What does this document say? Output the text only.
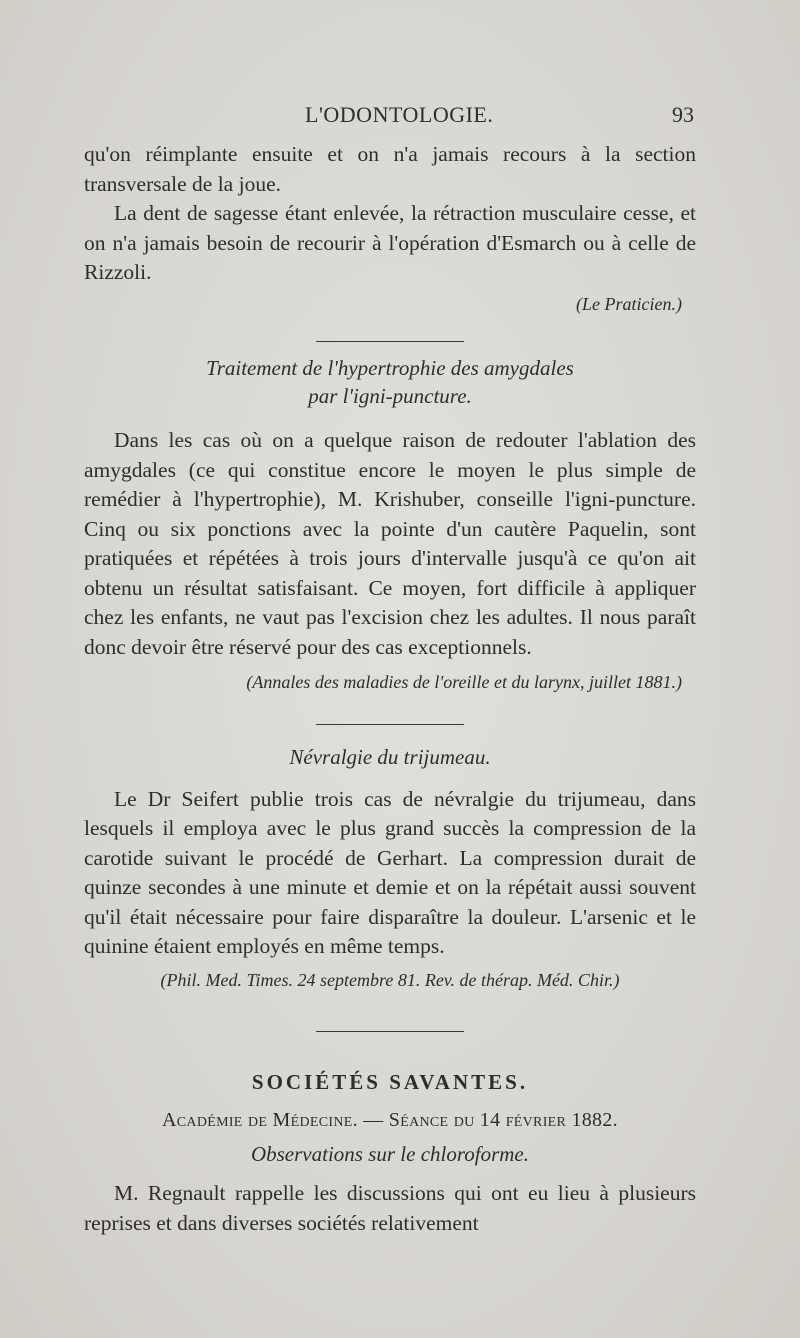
L'ODONTOLOGIE.	93

qu'on réimplante ensuite et on n'a jamais recours à la section transversale de la joue.

La dent de sagesse étant enlevée, la rétraction musculaire cesse, et on n'a jamais besoin de recourir à l'opération d'Esmarch ou à celle de Rizzoli.

(Le Praticien.)

Traitement de l'hypertrophie des amygdales
par l'igni-puncture.

Dans les cas où on a quelque raison de redouter l'ablation des amygdales (ce qui constitue encore le moyen le plus simple de remédier à l'hypertrophie), M. Krishuber, conseille l'igni-puncture. Cinq ou six ponctions avec la pointe d'un cautère Paquelin, sont pratiquées et répétées à trois jours d'intervalle jusqu'à ce qu'on ait obtenu un résultat satisfaisant. Ce moyen, fort difficile à appliquer chez les enfants, ne vaut pas l'excision chez les adultes. Il nous paraît donc devoir être réservé pour des cas exceptionnels.

(Annales des maladies de l'oreille et du larynx, juillet 1881.)

Névralgie du trijumeau.

Le Dr Seifert publie trois cas de névralgie du trijumeau, dans lesquels il employa avec le plus grand succès la compression de la carotide suivant le procédé de Gerhart. La compression durait de quinze secondes à une minute et demie et on la répétait aussi souvent qu'il était nécessaire pour faire disparaître la douleur. L'arsenic et le quinine étaient employés en même temps.

(Phil. Med. Times. 24 septembre 81. Rev. de thérap. Méd. Chir.)

SOCIÉTÉS SAVANTES.
Académie de Médecine. — Séance du 14 février 1882.
Observations sur le chloroforme.

M. Regnault rappelle les discussions qui ont eu lieu à plusieurs reprises et dans diverses sociétés relativement
